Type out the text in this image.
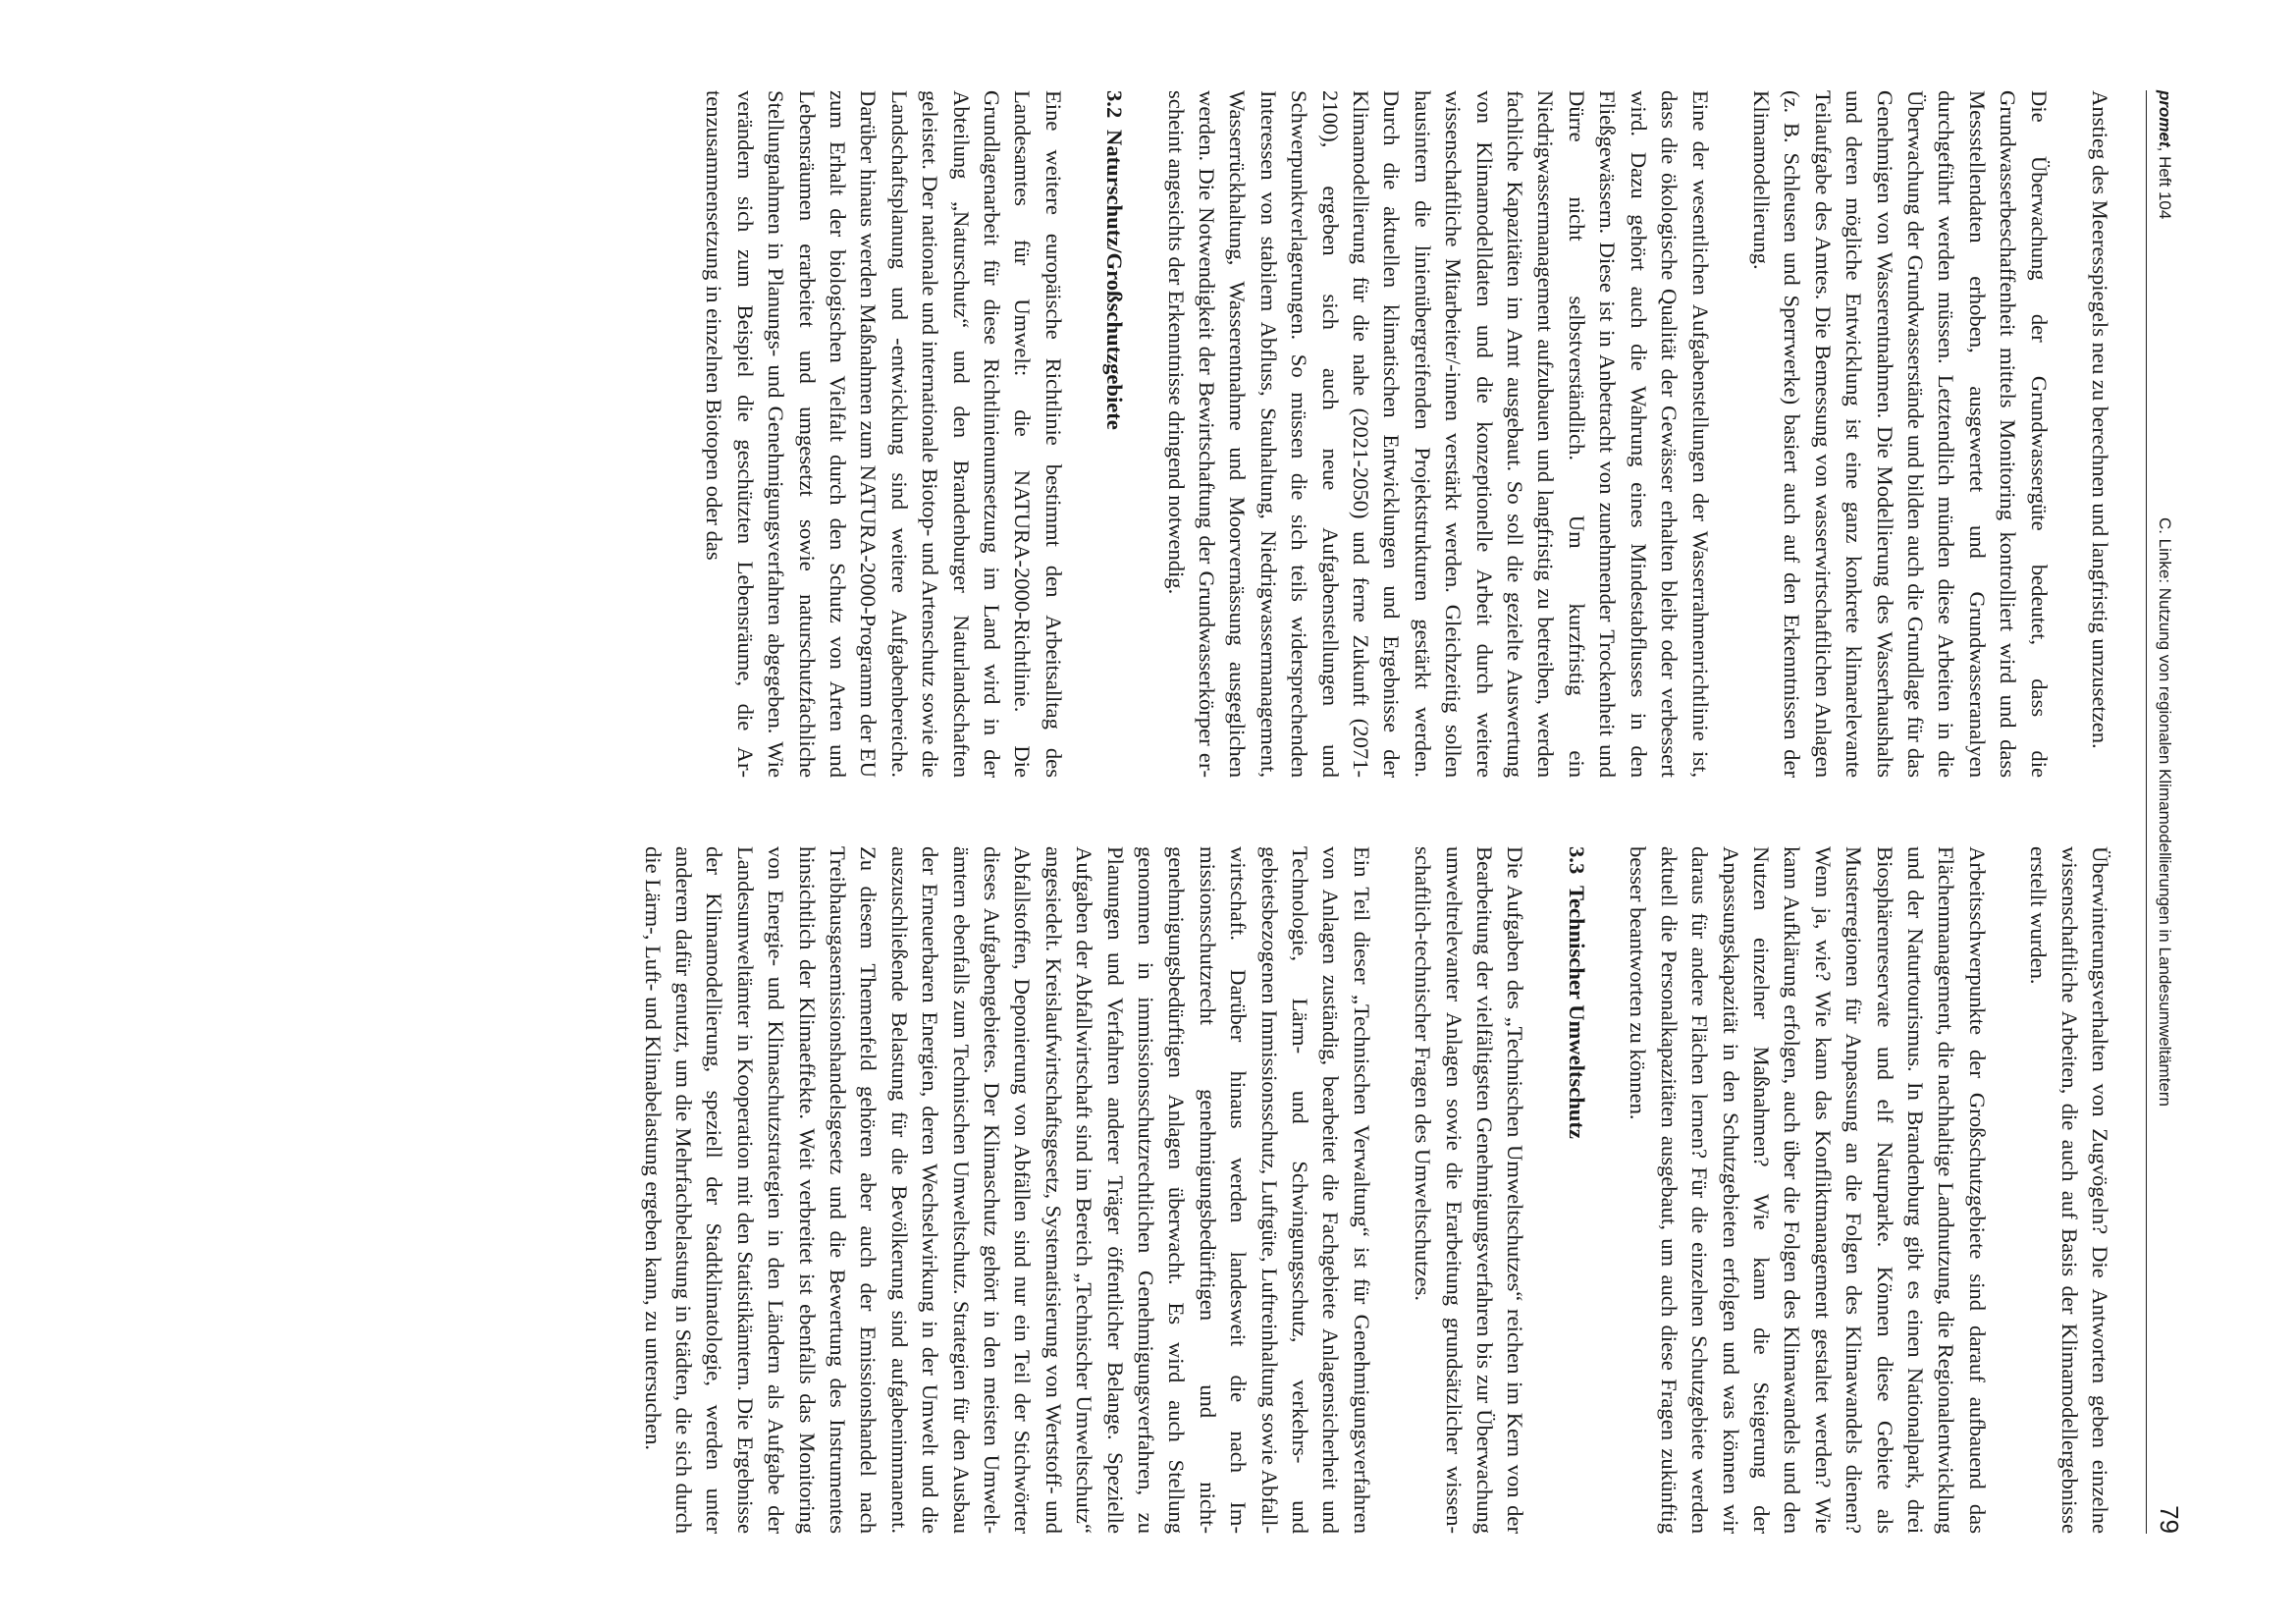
promet, Heft 104
C. Linke: Nutzung von regionalen Klimamodellierungen in Landesumweltämtern
79

Anstieg des Meeresspiegels neu zu berechnen und langfristig umzusetzen.

Die Überwachung der Grundwassergüte bedeutet, dass die Grundwasserbeschaffenheit mittels Monitoring kontrolliert wird und dass Messstellendaten erhoben, ausgewertet und Grundwasseranalyen durchgeführt werden müssen. Letztendlich münden diese Arbeiten in die Überwachung der Grundwasserstände und bilden auch die Grundlage für das Genehmigen von Wasserentnahmen. Die Modellierung des Wasserhaushalts und deren mögliche Entwicklung ist eine ganz konkrete klimarelevante Teilaufgabe des Amtes. Die Bemessung von wasserwirtschaftlichen Anlagen (z. B. Schleusen und Sperrwerke) basiert auch auf den Erkenntnissen der Klimamodellierung.

Eine der wesentlichen Aufgabenstellungen der Wasserrahmenrichtlinie ist, dass die ökologische Qualität der Gewässer erhalten bleibt oder verbessert wird. Dazu gehört auch die Wahrung eines Mindestabflusses in den Fließgewässern. Diese ist in Anbetracht von zunehmender Trockenheit und Dürre nicht selbstverständlich. Um kurzfristig ein Niedrigwassermanagement aufzubauen und langfristig zu betreiben, werden fachliche Kapazitäten im Amt ausgebaut. So soll die gezielte Auswertung von Klimamodelldaten und die konzeptionelle Arbeit durch weitere wissenschaftliche Mitarbeiter/-innen verstärkt werden. Gleichzeitig sollen hausintern die linienübergreifenden Projektstrukturen gestärkt werden. Durch die aktuellen klimatischen Entwicklungen und Ergebnisse der Klimamodellierung für die nahe (2021-2050) und ferne Zukunft (2071-2100), ergeben sich auch neue Aufgabenstellungen und Schwerpunktverlagerungen. So müssen die sich teils widersprechenden Interessen von stabilem Abfluss, Stauhaltung, Niedrigwassermanagement, Wasserrückhaltung, Wasserentnahme und Moorvernässung ausgeglichen werden. Die Notwendigkeit der Bewirtschaftung der Grundwasserkörper erscheint angesichts der Erkenntnisse dringend notwendig.

3.2Naturschutz/Großschutzgebiete

Eine weitere europäische Richtlinie bestimmt den Arbeitsalltag des Landesamtes für Umwelt: die NATURA-2000-Richtlinie. Die Grundlagenarbeit für diese Richtlinienumsetzung im Land wird in der Abteilung „Naturschutz“ und den Brandenburger Naturlandschaften geleistet. Der nationale und internationale Biotop- und Artenschutz sowie die Landschaftsplanung und -entwicklung sind weitere Aufgabenbereiche. Darüber hinaus werden Maßnahmen zum NATURA-2000-Programm der EU zum Erhalt der biologischen Vielfalt durch den Schutz von Arten und Lebensräumen erarbeitet und umgesetzt sowie naturschutzfachliche Stellungnahmen in Planungs- und Genehmigungsverfahren abgegeben. Wie verändern sich zum Beispiel die geschützten Lebensräume, die Artenzusammensetzung in einzelnen Biotopen oder das

Überwinterungsverhalten von Zugvögeln? Die Antworten geben einzelne wissenschaftliche Arbeiten, die auch auf Basis der Klimamodellergebnisse erstellt wurden.

Arbeitsschwerpunkte der Großschutzgebiete sind darauf aufbauend das Flächenmanagement, die nachhaltige Landnutzung, die Regionalentwicklung und der Naturtourismus. In Brandenburg gibt es einen Nationalpark, drei Biosphärenreservate und elf Naturparke. Können diese Gebiete als Musterregionen für Anpassung an die Folgen des Klimawandels dienen? Wenn ja, wie? Wie kann das Konfliktmanagement gestaltet werden? Wie kann Aufklärung erfolgen, auch über die Folgen des Klimawandels und den Nutzen einzelner Maßnahmen? Wie kann die Steigerung der Anpassungskapazität in den Schutzgebieten erfolgen und was können wir daraus für andere Flächen lernen? Für die einzelnen Schutzgebiete werden aktuell die Personalkapazitäten ausgebaut, um auch diese Fragen zukünftig besser beantworten zu können.

3.3Technischer Umweltschutz

Die Aufgaben des „Technischen Umweltschutzes“ reichen im Kern von der Bearbeitung der vielfältigsten Genehmigungsverfahren bis zur Überwachung umweltrelevanter Anlagen sowie die Erarbeitung grundsätzlicher wissenschaftlich-technischer Fragen des Umweltschutzes.

Ein Teil dieser „Technischen Verwaltung“ ist für Genehmigungsverfahren von Anlagen zuständig, bearbeitet die Fachgebiete Anlagensicherheit und Technologie, Lärm- und Schwingungsschutz, verkehrs- und gebietsbezogenen Immissionsschutz, Luftgüte, Luftreinhaltung sowie Abfallwirtschaft. Darüber hinaus werden landesweit die nach Immissionsschutzrecht genehmigungsbedürftigen und nichtgenehmigungsbedürftigen Anlagen überwacht. Es wird auch Stellung genommen in immissionsschutzrechtlichen Genehmigungsverfahren, zu Planungen und Verfahren anderer Träger öffentlicher Belange. Spezielle Aufgaben der Abfallwirtschaft sind im Bereich „Technischer Umweltschutz“ angesiedelt. Kreislaufwirtschaftsgesetz, Systematisierung von Wertstoff- und Abfallstoffen, Deponierung von Abfällen sind nur ein Teil der Stichwörter dieses Aufgabengebietes. Der Klimaschutz gehört in den meisten Umweltämtern ebenfalls zum Technischen Umweltschutz. Strategien für den Ausbau der Erneuerbaren Energien, deren Wechselwirkung in der Umwelt und die auszuschließende Belastung für die Bevölkerung sind aufgabenimmanent. Zu diesem Themenfeld gehören aber auch der Emissionshandel nach Treibhausgasemissionshandelsgesetz und die Bewertung des Instrumentes hinsichtlich der Klimaeffekte. Weit verbreitet ist ebenfalls das Monitoring von Energie- und Klimaschutzstrategien in den Ländern als Aufgabe der Landesumweltämter in Kooperation mit den Statistikämtern. Die Ergebnisse der Klimamodellierung, speziell der Stadtklimatologie, werden unter anderem dafür genutzt, um die Mehrfachbelastung in Städten, die sich durch die Lärm-, Luft- und Klimabelastung ergeben kann, zu untersuchen.
